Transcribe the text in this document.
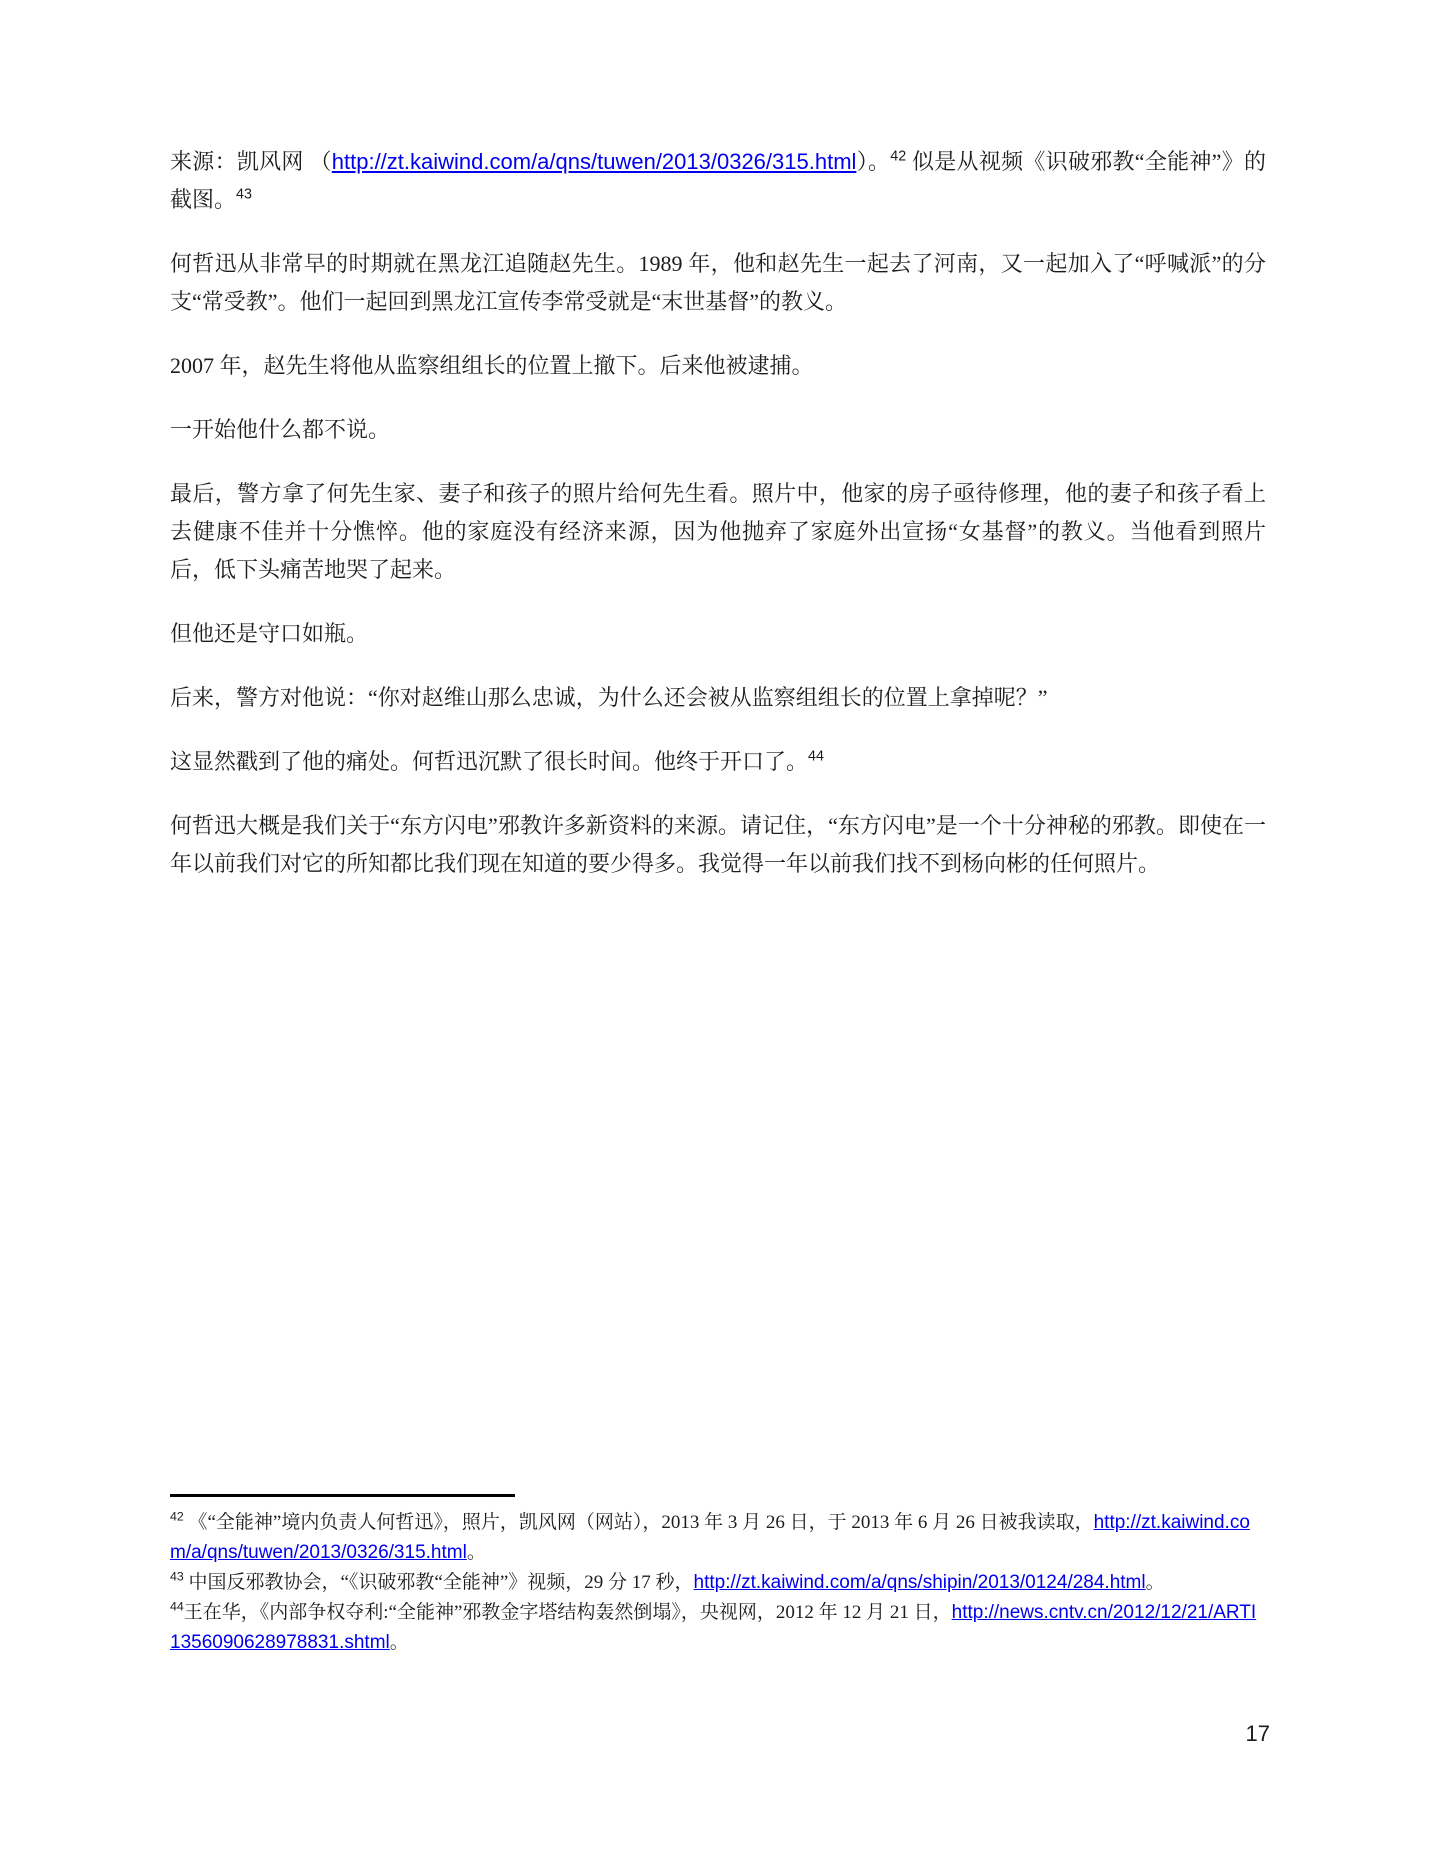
来源：凯风网 （http://zt.kaiwind.com/a/qns/tuwen/2013/0326/315.html）。$^{42}$ 似是从视频《识破邪教“全能神”》的截图。$^{43}$

何哲迅从非常早的时期就在黑龙江追随赵先生。1989 年，他和赵先生一起去了河南，又一起加入了“呼喊派”的分支“常受教”。他们一起回到黑龙江宣传李常受就是“末世基督”的教义。

2007 年，赵先生将他从监察组组长的位置上撤下。后来他被逮捕。

一开始他什么都不说。

最后，警方拿了何先生家、妻子和孩子的照片给何先生看。照片中，他家的房子亟待修理，他的妻子和孩子看上去健康不佳并十分憔悴。他的家庭没有经济来源，因为他抛弃了家庭外出宣扬“女基督”的教义。当他看到照片后，低下头痛苦地哭了起来。

但他还是守口如瓶。

后来，警方对他说：“你对赵维山那么忠诚，为什么还会被从监察组组长的位置上拿掉呢？”

这显然戳到了他的痛处。何哲迅沉默了很长时间。他终于开口了。$^{44}$

何哲迅大概是我们关于“东方闪电”邪教许多新资料的来源。请记住，“东方闪电”是一个十分神秘的邪教。即使在一年以前我们对它的所知都比我们现在知道的要少得多。我觉得一年以前我们找不到杨向彬的任何照片。

$^{42}$ 《“全能神”境内负责人何哲迅》，照片，凯风网（网站），2013 年 3 月 26 日，于 2013 年 6 月 26 日被我读取，http://zt.kaiwind.com/a/qns/tuwen/2013/0326/315.html。
$^{43}$ 中国反邪教协会，“《识破邪教“全能神”》视频，29 分 17 秒，http://zt.kaiwind.com/a/qns/shipin/2013/0124/284.html。
$^{44}$王在华，《内部争权夺利:“全能神”邪教金字塔结构轰然倒塌》，央视网，2012 年 12 月 21 日，http://news.cntv.cn/2012/12/21/ARTI1356090628978831.shtml。
17
